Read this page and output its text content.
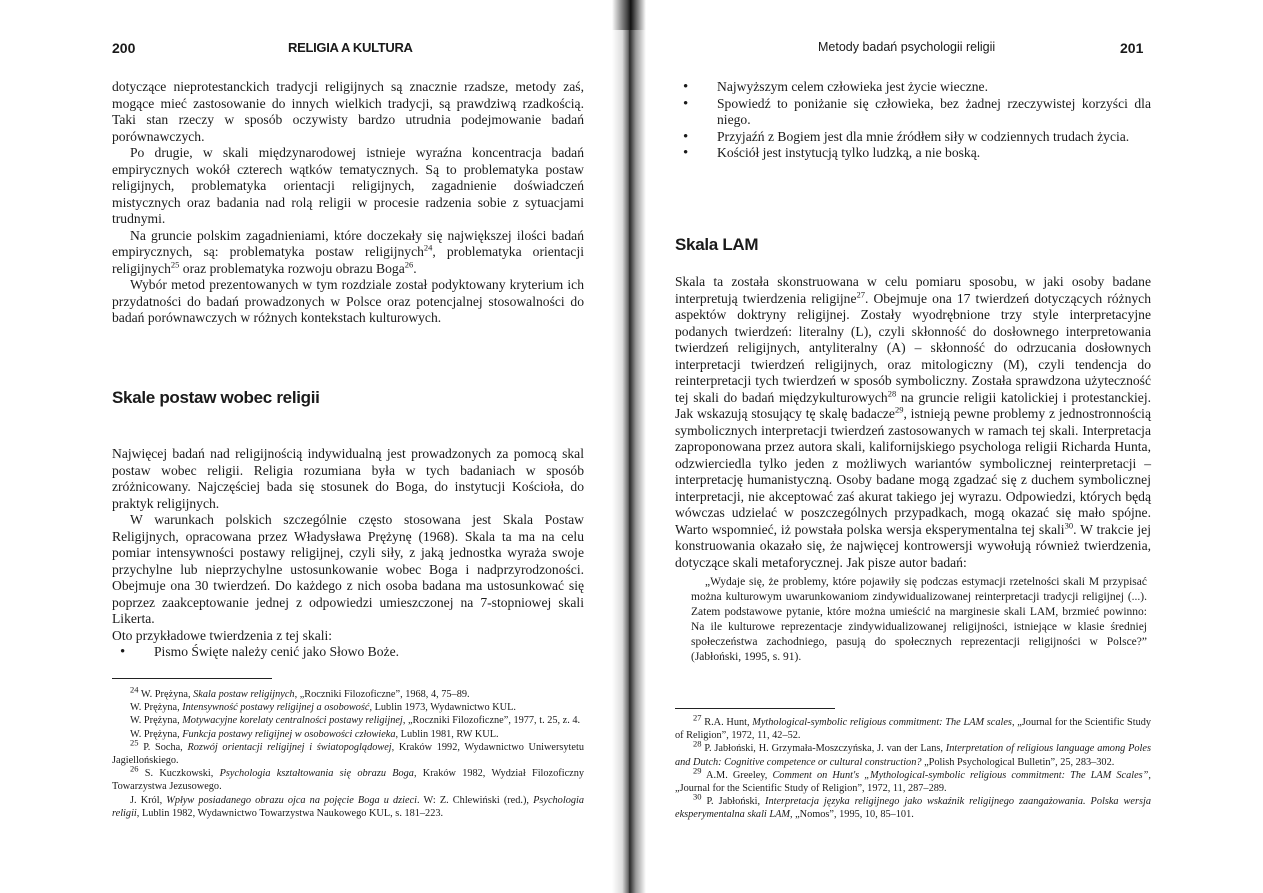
200	RELIGIA A KULTURA

dotyczące nieprotestanckich tradycji religijnych są znacznie rzadsze, metody zaś, mogące mieć zastosowanie do innych wielkich tradycji, są prawdziwą rzadkością. Taki stan rzeczy w sposób oczywisty bardzo utrudnia podejmowanie badań porównawczych.

Po drugie, w skali międzynarodowej istnieje wyraźna koncentracja badań empirycznych wokół czterech wątków tematycznych. Są to problematyka postaw religijnych, problematyka orientacji religijnych, zagadnienie doświadczeń mistycznych oraz badania nad rolą religii w procesie radzenia sobie z sytuacjami trudnymi.

Na gruncie polskim zagadnieniami, które doczekały się największej ilości badań empirycznych, są: problematyka postaw religijnych$^{24}$, problematyka orientacji religijnych$^{25}$ oraz problematyka rozwoju obrazu Boga$^{26}$.

Wybór metod prezentowanych w tym rozdziale został podyktowany kryterium ich przydatności do badań prowadzonych w Polsce oraz potencjalnej stosowalności do badań porównawczych w różnych kontekstach kulturowych.

Skale postaw wobec religii

Najwięcej badań nad religijnością indywidualną jest prowadzonych za pomocą skal postaw wobec religii. Religia rozumiana była w tych badaniach w sposób zróżnicowany. Najczęściej bada się stosunek do Boga, do instytucji Kościoła, do praktyk religijnych.

W warunkach polskich szczególnie często stosowana jest Skala Postaw Religijnych, opracowana przez Władysława Prężynę (1968). Skala ta ma na celu pomiar intensywności postawy religijnej, czyli siły, z jaką jednostka wyraża swoje przychylne lub nieprzychylne ustosunkowanie wobec Boga i nadprzyrodzoności. Obejmuje ona 30 twierdzeń. Do każdego z nich osoba badana ma ustosunkować się poprzez zaakceptowanie jednej z odpowiedzi umieszczonej na 7-stopniowej skali Likerta.

Oto przykładowe twierdzenia z tej skali:

• Pismo Święte należy cenić jako Słowo Boże.

$^{24}$ W. Prężyna, Skala postaw religijnych, „Roczniki Filozoficzne”, 1968, 4, 75–89.

W. Prężyna, Intensywność postawy religijnej a osobowość, Lublin 1973, Wydawnictwo KUL.

W. Prężyna, Motywacyjne korelaty centralności postawy religijnej, „Roczniki Filozoficzne”, 1977, t. 25, z. 4.

W. Prężyna, Funkcja postawy religijnej w osobowości człowieka, Lublin 1981, RW KUL.

$^{25}$ P. Socha, Rozwój orientacji religijnej i światopoglądowej, Kraków 1992, Wydawnictwo Uniwersytetu Jagiellońskiego.

$^{26}$ S. Kuczkowski, Psychologia kształtowania się obrazu Boga, Kraków 1982, Wydział Filozoficzny Towarzystwa Jezusowego.

J. Król, Wpływ posiadanego obrazu ojca na pojęcie Boga u dzieci. W: Z. Chlewiński (red.), Psychologia religii, Lublin 1982, Wydawnictwo Towarzystwa Naukowego KUL, s. 181–223.

Metody badań psychologii religii	201
• Najwyższym celem człowieka jest życie wieczne.
• Spowiedź to poniżanie się człowieka, bez żadnej rzeczywistej korzyści dla niego.
• Przyjaźń z Bogiem jest dla mnie źródłem siły w codziennych trudach życia.
• Kościół jest instytucją tylko ludzką, a nie boską.
Skala LAM

Skala ta została skonstruowana w celu pomiaru sposobu, w jaki osoby badane interpretują twierdzenia religijne$^{27}$. Obejmuje ona 17 twierdzeń dotyczących różnych aspektów doktryny religijnej. Zostały wyodrębnione trzy style interpretacyjne podanych twierdzeń: literalny (L), czyli skłonność do dosłownego interpretowania twierdzeń religijnych, antyliteralny (A) – skłonność do odrzucania dosłownych interpretacji twierdzeń religijnych, oraz mitologiczny (M), czyli tendencja do reinterpretacji tych twierdzeń w sposób symboliczny. Została sprawdzona użyteczność tej skali do badań międzykulturowych$^{28}$ na gruncie religii katolickiej i protestanckiej. Jak wskazują stosujący tę skalę badacze$^{29}$, istnieją pewne problemy z jednostronnością symbolicznych interpretacji twierdzeń zastosowanych w ramach tej skali. Interpretacja zaproponowana przez autora skali, kalifornijskiego psychologa religii Richarda Hunta, odzwierciedla tylko jeden z możliwych wariantów symbolicznej reinterpretacji – interpretację humanistyczną. Osoby badane mogą zgadzać się z duchem symbolicznej interpretacji, nie akceptować zaś akurat takiego jej wyrazu. Odpowiedzi, których będą wówczas udzielać w poszczególnych przypadkach, mogą okazać się mało spójne. Warto wspomnieć, iż powstała polska wersja eksperymentalna tej skali$^{30}$. W trakcie jej konstruowania okazało się, że najwięcej kontrowersji wywołują również twierdzenia, dotyczące skali metaforycznej. Jak pisze autor badań:

„Wydaje się, że problemy, które pojawiły się podczas estymacji rzetelności skali M przypisać można kulturowym uwarunkowaniom zindywidualizowanej reinterpretacji tradycji religijnej (...). Zatem podstawowe pytanie, które można umieścić na marginesie skali LAM, brzmieć powinno: Na ile kulturowe reprezentacje zindywidualizowanej religijności, istniejące w klasie średniej społeczeństwa zachodniego, pasują do społecznych reprezentacji religijności w Polsce?” (Jabłoński, 1995, s. 91).

$^{27}$ R.A. Hunt, Mythological-symbolic religious commitment: The LAM scales, „Journal for the Scientific Study of Religion”, 1972, 11, 42–52.

$^{28}$ P. Jabłoński, H. Grzymała-Moszczyńska, J. van der Lans, Interpretation of religious language among Poles and Dutch: Cognitive competence or cultural construction? „Polish Psychological Bulletin”, 25, 283–302.

$^{29}$ A.M. Greeley, Comment on Hunt's „Mythological-symbolic religious commitment: The LAM Scales”, „Journal for the Scientific Study of Religion”, 1972, 11, 287–289.

$^{30}$ P. Jabłoński, Interpretacja języka religijnego jako wskaźnik religijnego zaangażowania. Polska wersja eksperymentalna skali LAM, „Nomos”, 1995, 10, 85–101.
